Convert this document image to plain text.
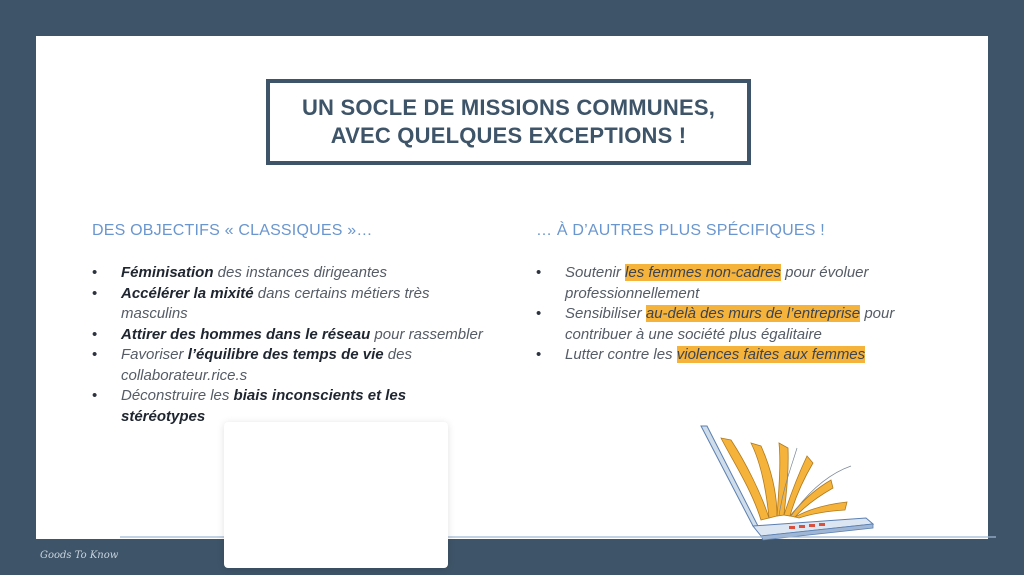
UN SOCLE DE MISSIONS COMMUNES,
AVEC QUELQUES EXCEPTIONS !
DES OBJECTIFS « CLASSIQUES »…	… À D’AUTRES PLUS SPÉCIFIQUES !
• Féminisation des instances dirigeantes
• Accélérer la mixité dans certains métiers très masculins
• Attirer des hommes dans le réseau pour rassembler
• Favoriser l’équilibre des temps de vie des collaborateur.rice.s
• Déconstruire les biais inconscients et les stéréotypes
• Soutenir les femmes non-cadres pour évoluer professionnellement
• Sensibiliser au-delà des murs de l’entreprise pour contribuer à une société plus égalitaire
• Lutter contre les violences faites aux femmes
Goods To Know
